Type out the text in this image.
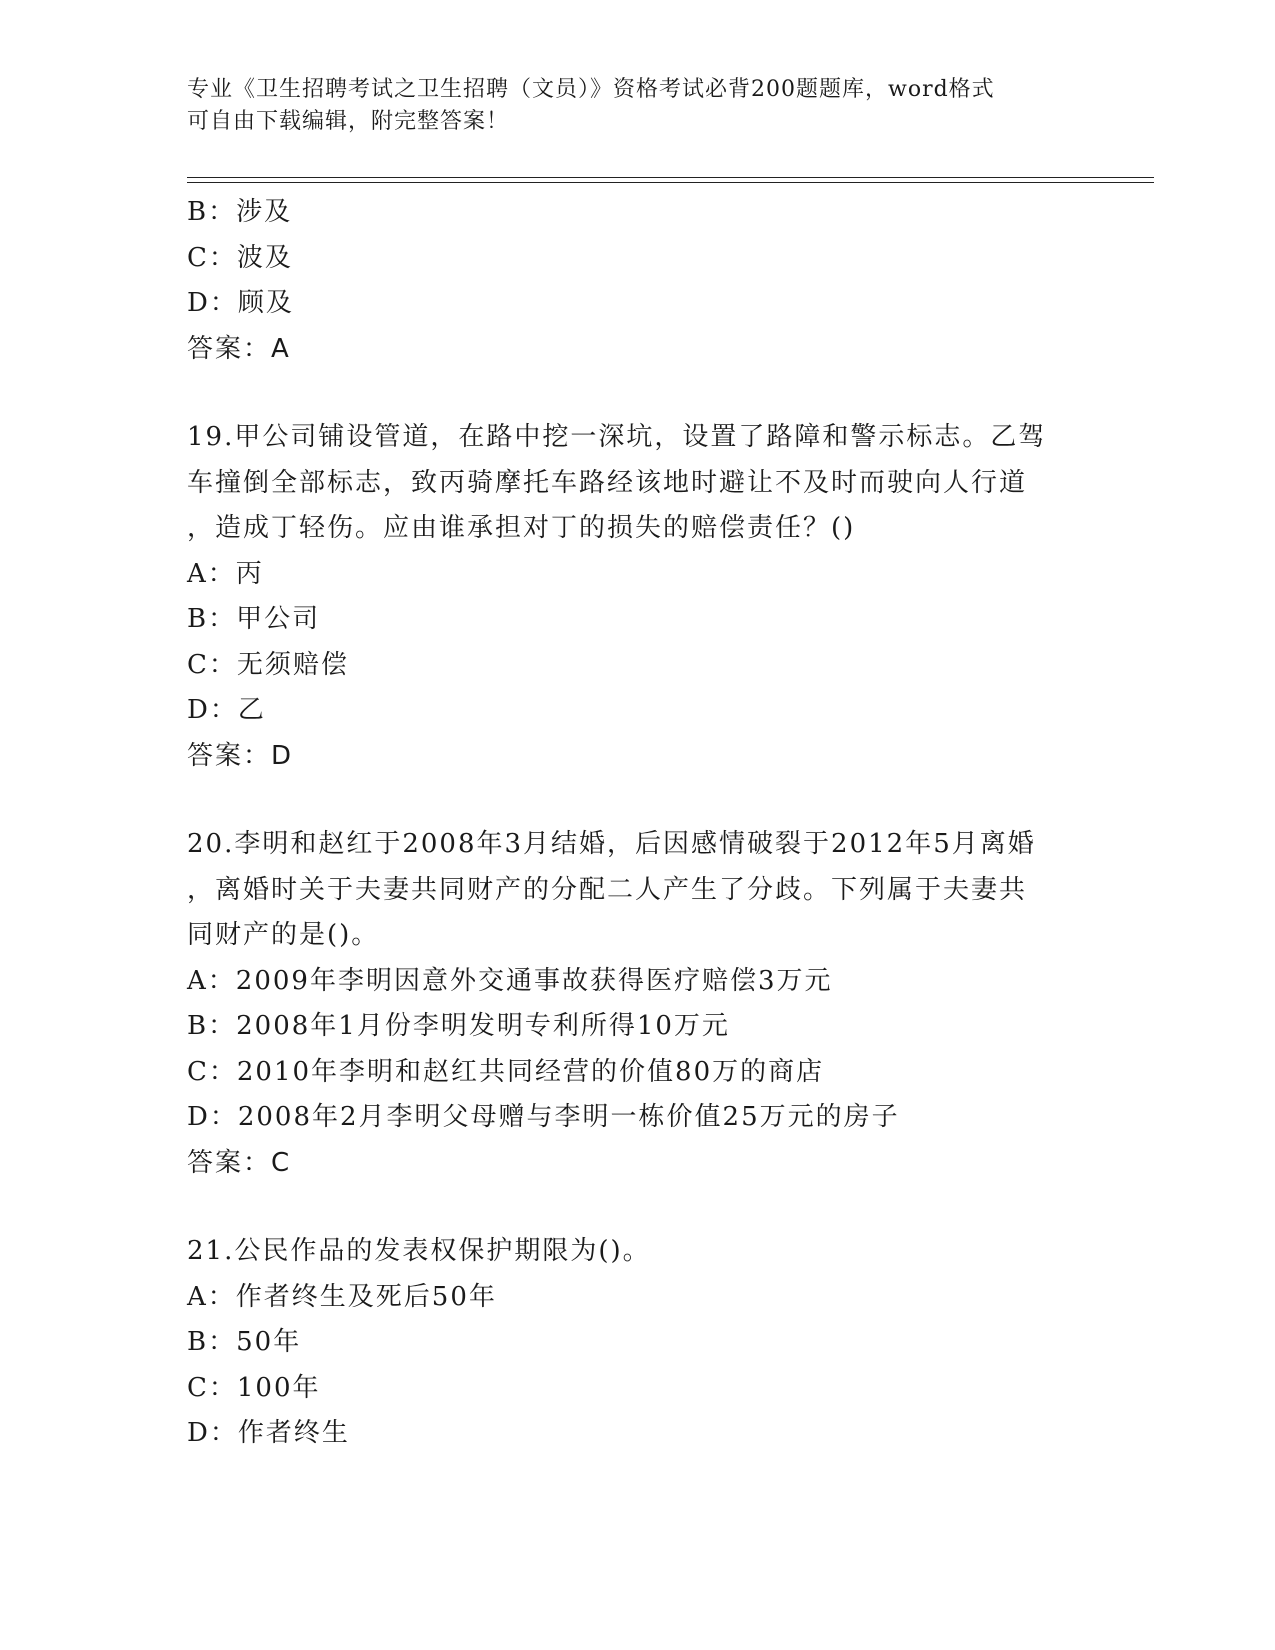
专业《卫生招聘考试之卫生招聘（文员）》资格考试必背200题题库，word格式
可自由下载编辑，附完整答案！
B：涉及
C：波及
D：顾及
答案：A
19.甲公司铺设管道，在路中挖一深坑，设置了路障和警示标志。乙驾
车撞倒全部标志，致丙骑摩托车路经该地时避让不及时而驶向人行道
，造成丁轻伤。应由谁承担对丁的损失的赔偿责任？()
A：丙
B：甲公司
C：无须赔偿
D：乙
答案：D
20.李明和赵红于2008年3月结婚，后因感情破裂于2012年5月离婚
，离婚时关于夫妻共同财产的分配二人产生了分歧。下列属于夫妻共
同财产的是()。
A：2009年李明因意外交通事故获得医疗赔偿3万元
B：2008年1月份李明发明专利所得10万元
C：2010年李明和赵红共同经营的价值80万的商店
D：2008年2月李明父母赠与李明一栋价值25万元的房子
答案：C
21.公民作品的发表权保护期限为()。
A：作者终生及死后50年
B：50年
C：100年
D：作者终生
